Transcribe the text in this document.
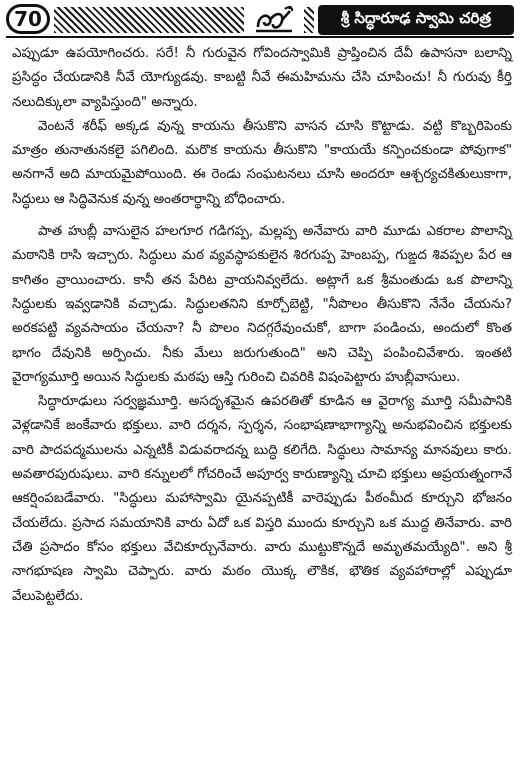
70	శ్రీ సిద్ధారూఢ స్వామి చరిత్ర

ఎప్పుడూ ఉపయోగించరు. సరే! నీ గురువైన గోవిందస్వామికి ప్రాప్తించిన దేవీ ఉపాసనా బలాన్ని ప్రసిద్ధం చేయడానికి నీవే యోగ్యుడవు. కాబట్టి నీవే ఈమహిమను చేసి చూపించు! నీ గురువు కీర్తి నలుదిక్కులా వ్యాపిస్తుంది" అన్నారు.

వెంటనే శరీఫ్ అక్కడ వున్న కాయను తీసుకొని వాసన చూసి కొట్టాడు. వట్టి కొబ్బరిపెంకు మాత్రం తునాతునకలై పగిలింది. మరొక కాయను తీసుకొని "కాయయే కన్పించకుండా పోవుగాక" అనగానే అది మాయమైపోయింది. ఈ రెండు సంఘటనలు చూసి అందరూ ఆశ్చర్యచకితులుకాగా, సిద్ధులు ఆ సిద్ధివెనుక వున్న అంతరార్థాన్ని బోధించారు.

పాత హుబ్లీ వాసులైన హలగూర గడిగప్ప, మల్లప్ప అనేవారు వారి మూడు ఎకరాల పొలాన్ని మఠానికి రాసి ఇచ్చారు. సిద్ధులు మఠ వ్యవస్థాపకులైన శిరగుప్ప హెంబప్ప, గుఙ్డద శివప్పల పేర ఆ కాగితం వ్రాయించారు. కానీ తన పేరిట వ్రాయనివ్వలేదు. అట్లాగే ఒక శ్రీమంతుడు ఒక పొలాన్ని సిద్ధులకు ఇవ్వడానికి వచ్చాడు. సిద్ధులతనిని కూర్చోబెట్టి, "నీపొలం తీసుకొని నేనేం చేయను? అరకపట్టి వ్యవసాయం చేయనా? నీ పొలం నిదగ్గరేవుంచుకో, బాగా పండించు, అందులో కొంత భాగం దేవునికి అర్పించు. నీకు మేలు జరుగుతుంది" అని చెప్పి పంపించివేశారు. ఇంతటి వైరాగ్యమూర్తి అయిన సిద్ధులకు మఠపు ఆస్తి గురించి చివరికి విషంపెట్టారు హుబ్లీవాసులు.

సిద్ధారూఢులు సర్వజ్ఞమూర్తి. అసదృశమైన ఉపరతితో కూడిన ఆ వైరాగ్య మూర్తి సమీపానికి వెళ్లడానికే జంకేవారు భక్తులు. వారి దర్శన, స్పర్శన, సంభాషణాభాగ్యాన్ని అనుభవించిన భక్తులకు వారి పాదపద్మములను ఎన్నటికీ విడువరాదన్న బుద్ధి కలిగేది. సిద్ధులు సామాన్య మానవులు కారు. అవతారపురుషులు. వారి కన్నులలో గోచరించే అపూర్వ కారుణ్యాన్ని చూచి భక్తులు అప్రయత్నంగానే ఆకర్షింపబడేవారు. "సిద్ధులు మహాస్వామి యైనప్పటికీ వారెప్పుడు పీఠంమీద కూర్చుని భోజనం చేయలేదు. ప్రసాద సమయానికి వారు ఏదో ఒక విస్తరి ముందు కూర్చుని ఒక ముద్ద తినేవారు. వారి చేతి ప్రసాదం కోసం భక్తులు వేచికూర్చునేవారు. వారు ముట్టుకొన్నదే అమృతమయ్యేది". అని శ్రీ నాగభూషణ స్వామి చెప్పారు. వారు మఠం యొక్క లౌకిక, భౌతిక వ్యవహారాల్లో ఎప్పుడూ వేలుపెట్టలేదు.
